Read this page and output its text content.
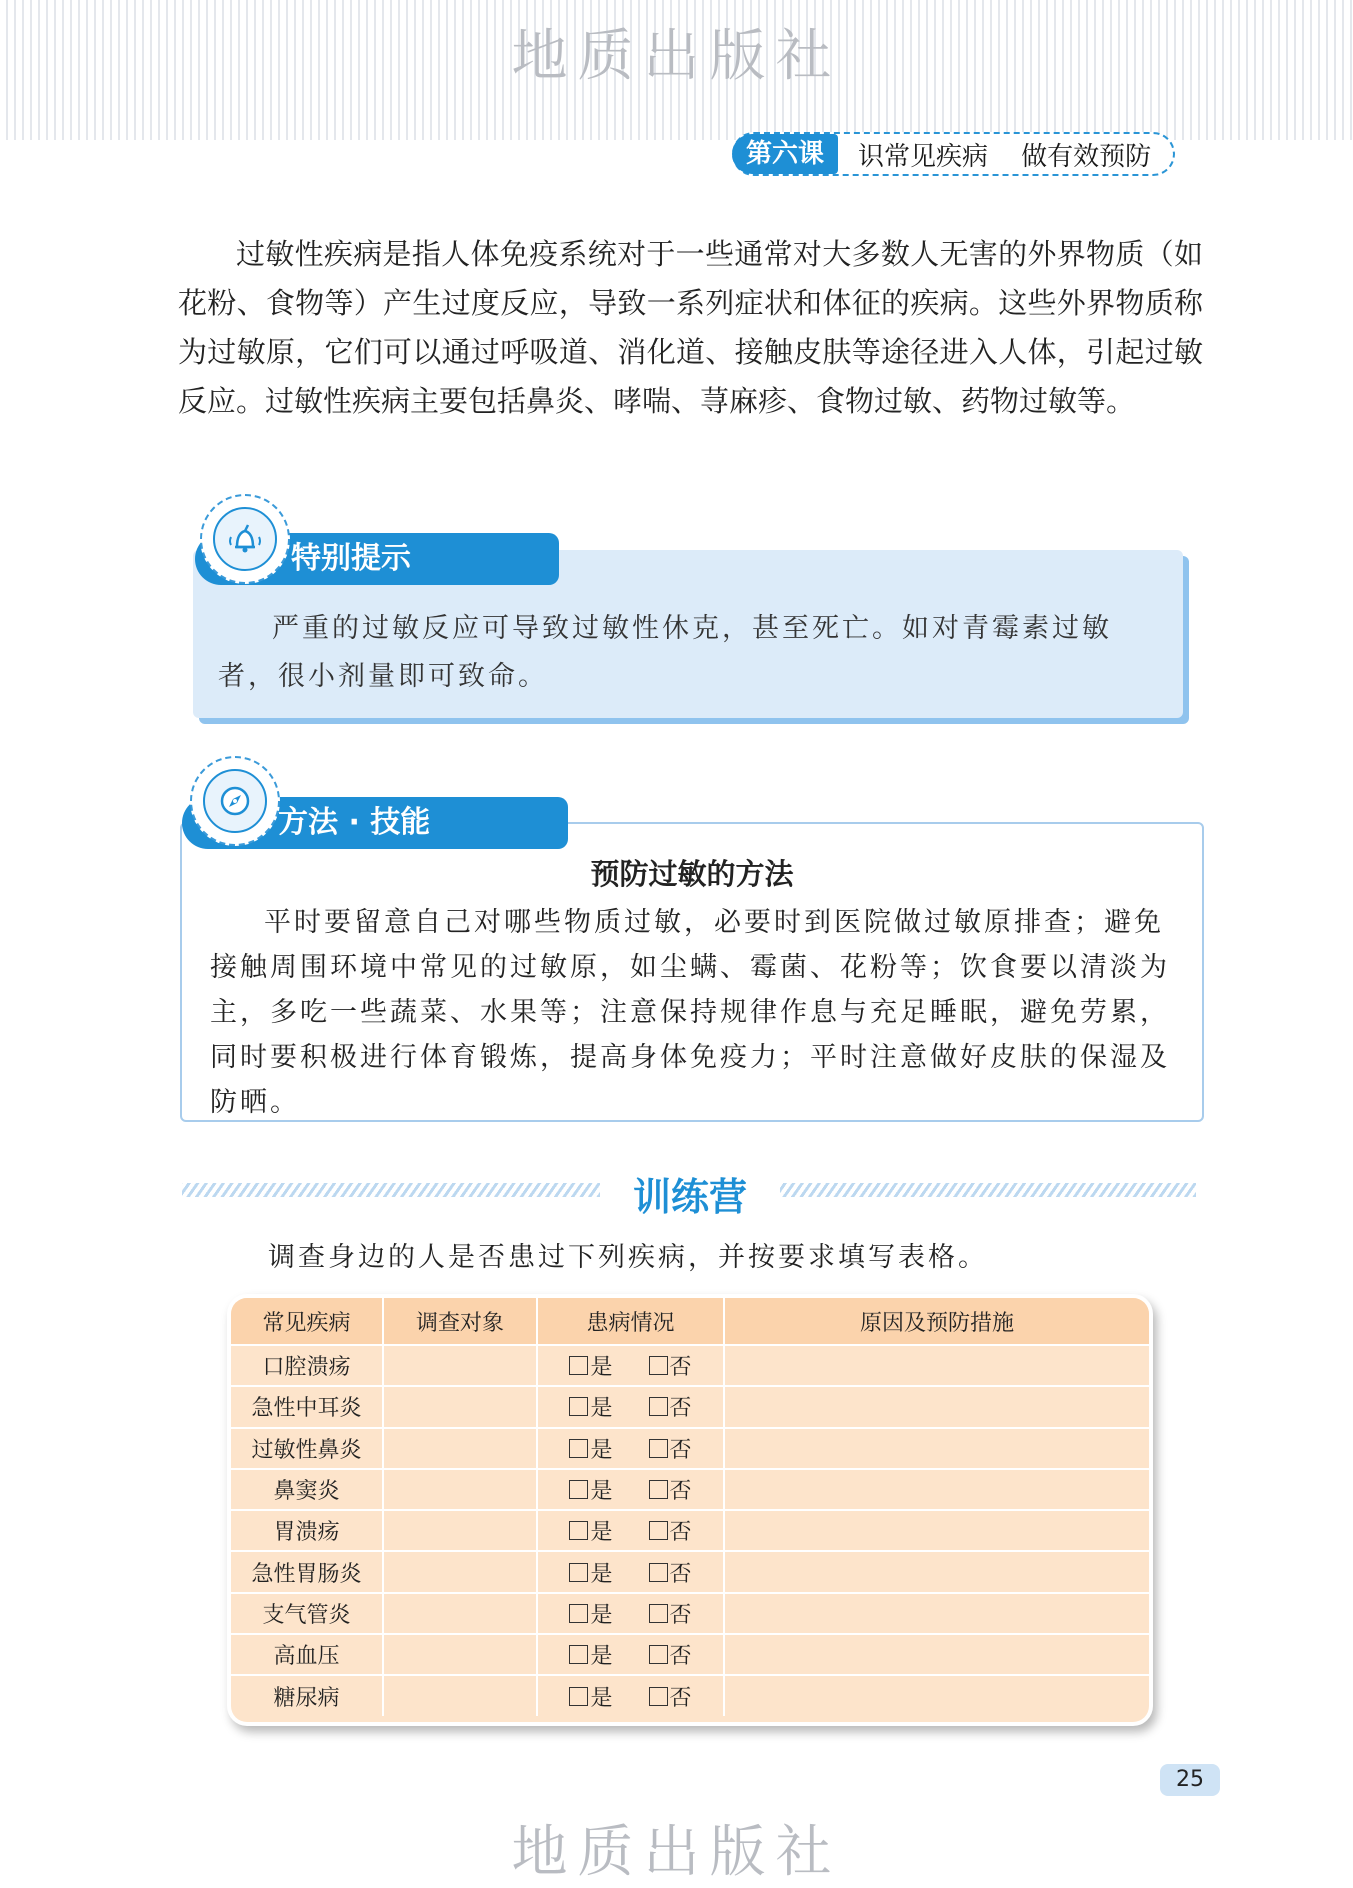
地质出版社
第六课	识常见疾病    做有效预防
过敏性疾病是指人体免疫系统对于一些通常对大多数人无害的外界物质（如花粉、食物等）产生过度反应，导致一系列症状和体征的疾病。这些外界物质称为过敏原，它们可以通过呼吸道、消化道、接触皮肤等途径进入人体，引起过敏反应。过敏性疾病主要包括鼻炎、哮喘、荨麻疹、食物过敏、药物过敏等。
特别提示
严重的过敏反应可导致过敏性休克，甚至死亡。如对青霉素过敏者，很小剂量即可致命。
方法 · 技能
预防过敏的方法
平时要留意自己对哪些物质过敏，必要时到医院做过敏原排查；避免接触周围环境中常见的过敏原，如尘螨、霉菌、花粉等；饮食要以清淡为主，多吃一些蔬菜、水果等；注意保持规律作息与充足睡眠，避免劳累，同时要积极进行体育锻炼，提高身体免疫力；平时注意做好皮肤的保湿及防晒。
训练营
调查身边的人是否患过下列疾病，并按要求填写表格。
常见疾病	调查对象	患病情况	原因及预防措施
口腔溃疡		是 否	

急性中耳炎		是 否	

过敏性鼻炎		是 否	

鼻窦炎		是 否	

胃溃疡		是 否	

急性胃肠炎		是 否	

支气管炎		是 否	

高血压		是 否	

糖尿病		是 否	

25
地质出版社
